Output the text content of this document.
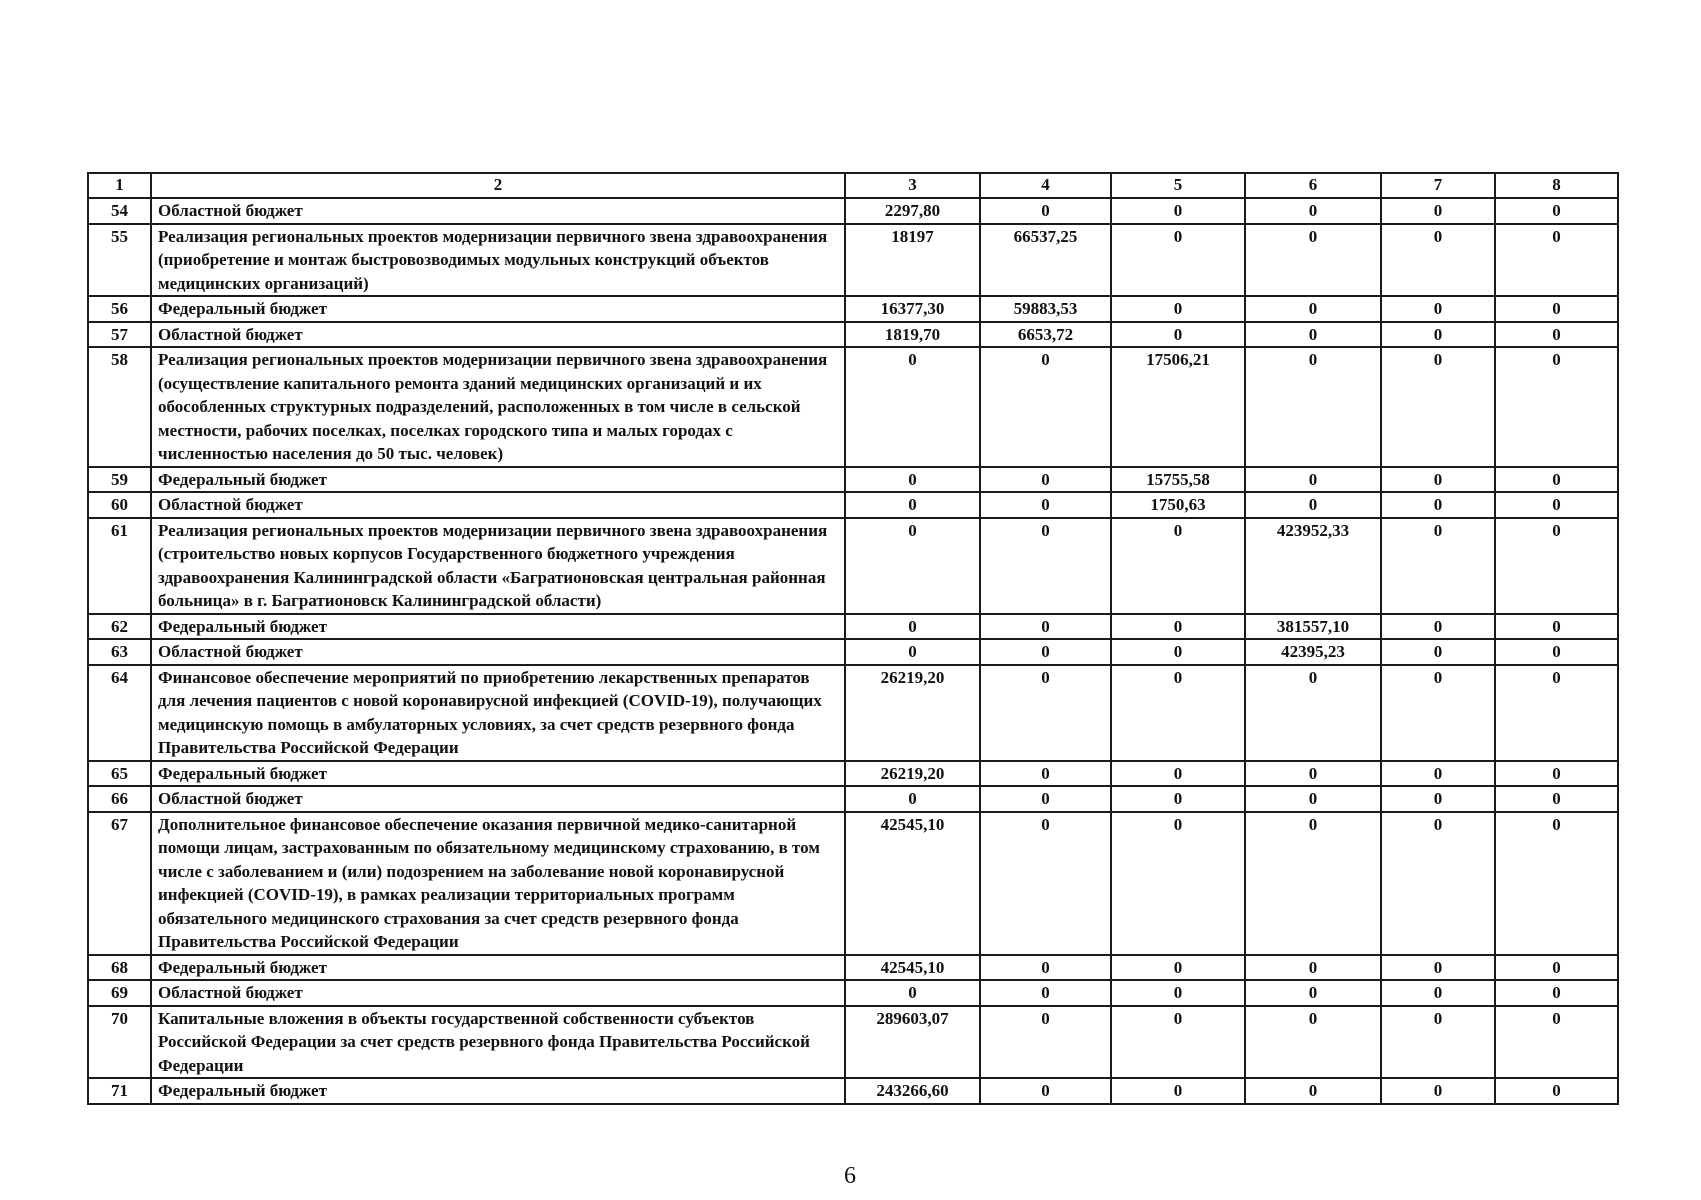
1	2	3	4	5	6	7	8
54	Областной бюджет	2297,80	0	0	0	0	0
55	Реализация региональных проектов модернизации первичного звена здравоохранения (приобретение и монтаж быстровозводимых модульных конструкций объектов медицинских организаций)	18197	66537,25	0	0	0	0
56	Федеральный бюджет	16377,30	59883,53	0	0	0	0
57	Областной бюджет	1819,70	6653,72	0	0	0	0
58	Реализация региональных проектов модернизации первичного звена здравоохранения (осуществление капитального ремонта зданий медицинских организаций и их обособленных структурных подразделений, расположенных в том числе в сельской местности, рабочих поселках, поселках городского типа и малых городах с численностью населения до 50 тыс. человек)	0	0	17506,21	0	0	0
59	Федеральный бюджет	0	0	15755,58	0	0	0
60	Областной бюджет	0	0	1750,63	0	0	0
61	Реализация региональных проектов модернизации первичного звена здравоохранения (строительство новых корпусов Государственного бюджетного учреждения здравоохранения Калининградской области «Багратионовская центральная районная больница» в г. Багратионовск Калининградской области)	0	0	0	423952,33	0	0
62	Федеральный бюджет	0	0	0	381557,10	0	0
63	Областной бюджет	0	0	0	42395,23	0	0
64	Финансовое обеспечение мероприятий по приобретению лекарственных препаратов для лечения пациентов с новой коронавирусной инфекцией (COVID-19), получающих медицинскую помощь в амбулаторных условиях, за счет средств резервного фонда Правительства Российской Федерации	26219,20	0	0	0	0	0
65	Федеральный бюджет	26219,20	0	0	0	0	0
66	Областной бюджет	0	0	0	0	0	0
67	Дополнительное финансовое обеспечение оказания первичной медико-санитарной помощи лицам, застрахованным по обязательному медицинскому страхованию, в том числе с заболеванием и (или) подозрением на заболевание новой коронавирусной инфекцией (COVID-19), в рамках реализации территориальных программ обязательного медицинского страхования за счет средств резервного фонда Правительства Российской Федерации	42545,10	0	0	0	0	0
68	Федеральный бюджет	42545,10	0	0	0	0	0
69	Областной бюджет	0	0	0	0	0	0
70	Капитальные вложения в объекты государственной собственности субъектов Российской Федерации за счет средств резервного фонда Правительства Российской Федерации	289603,07	0	0	0	0	0
71	Федеральный бюджет	243266,60	0	0	0	0	0
6
